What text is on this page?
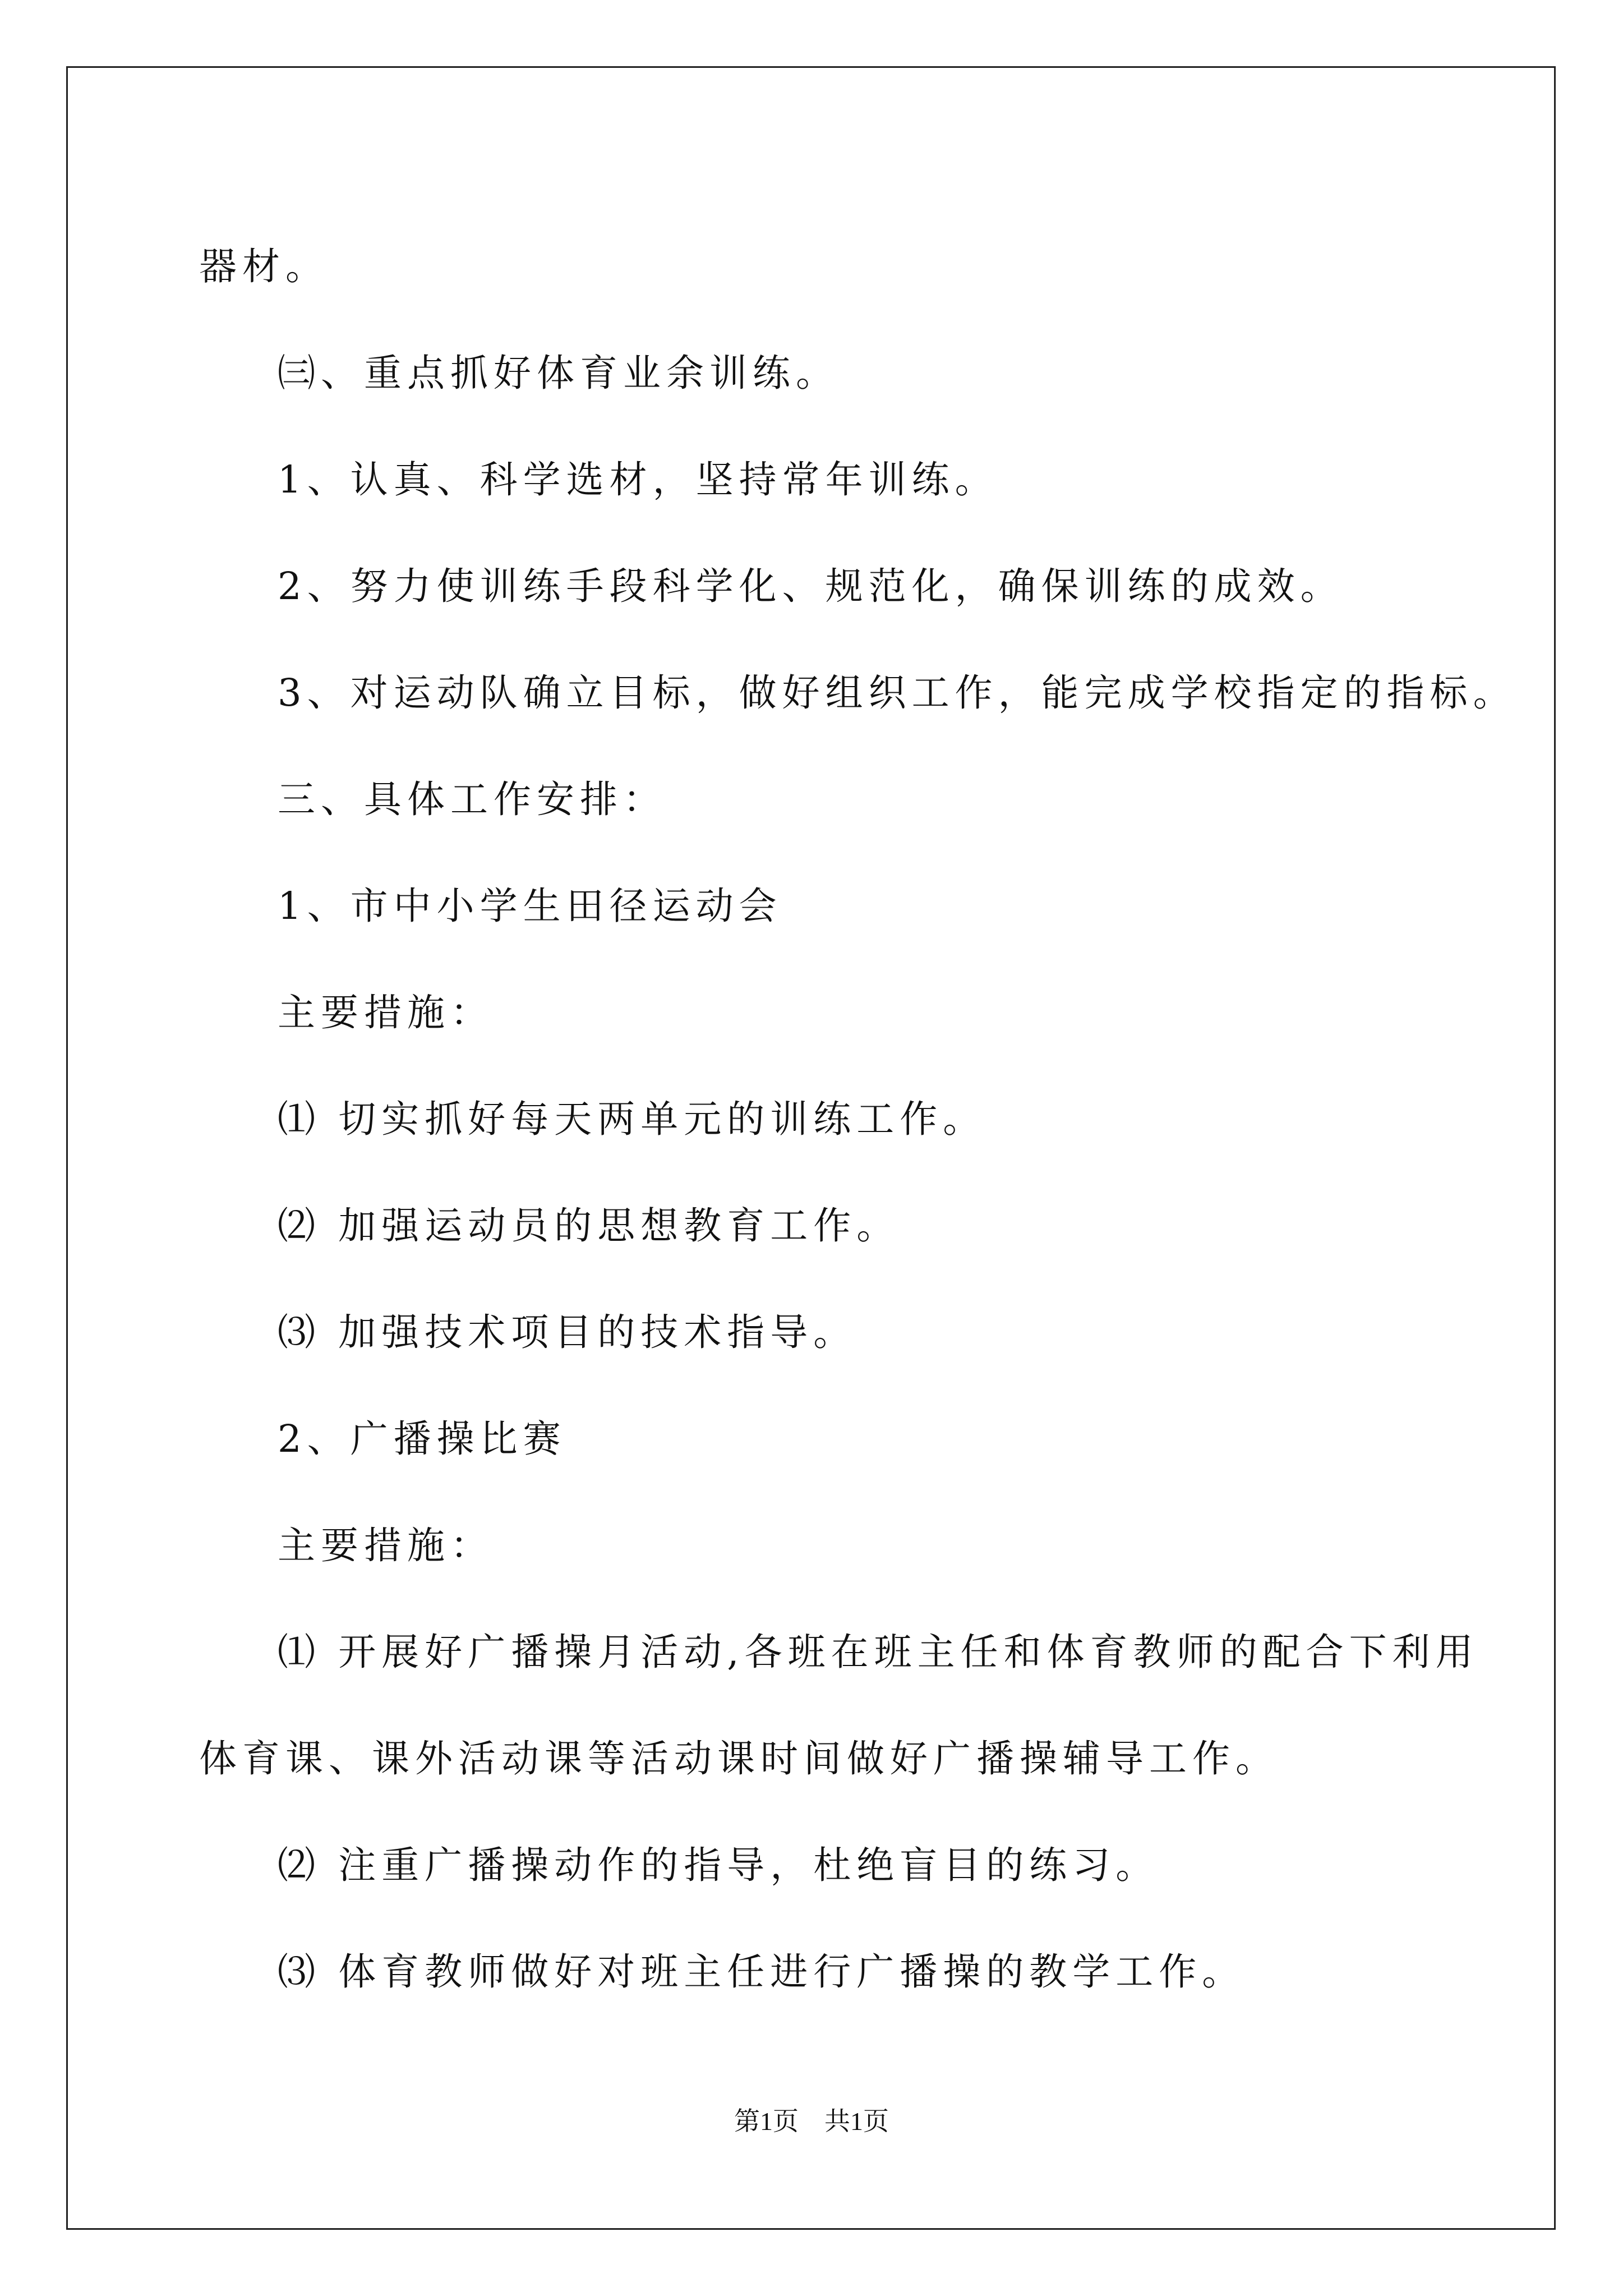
器材。

㈢、重点抓好体育业余训练。

1、认真、科学选材，坚持常年训练。

2、努力使训练手段科学化、规范化，确保训练的成效。

3、对运动队确立目标，做好组织工作，能完成学校指定的指标。

三、具体工作安排：

1、市中小学生田径运动会

主要措施：

⑴ 切实抓好每天两单元的训练工作。

⑵ 加强运动员的思想教育工作。

⑶ 加强技术项目的技术指导。

2、广播操比赛

主要措施：

⑴ 开展好广播操月活动,各班在班主任和体育教师的配合下利用

体育课、课外活动课等活动课时间做好广播操辅导工作。

⑵ 注重广播操动作的指导，杜绝盲目的练习。

⑶ 体育教师做好对班主任进行广播操的教学工作。

第1页　共1页
